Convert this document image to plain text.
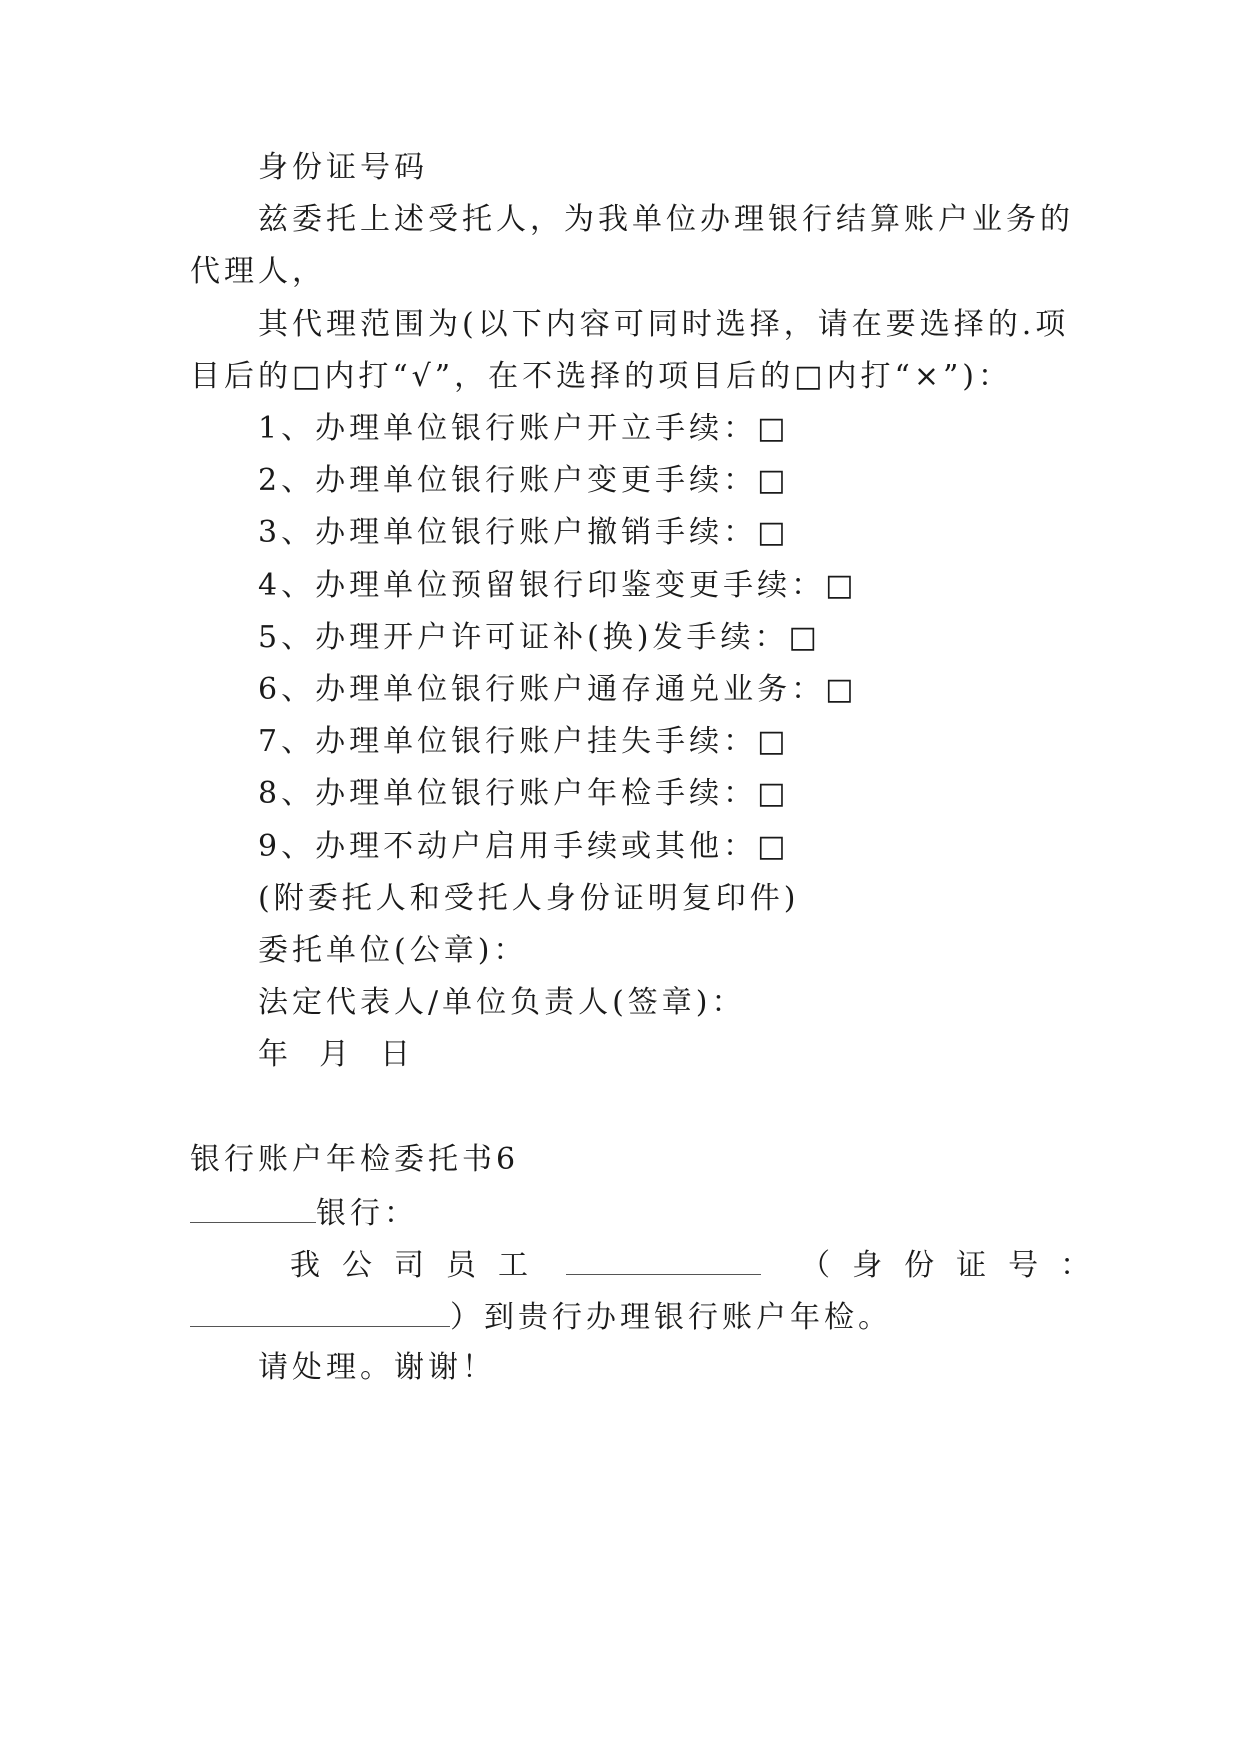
身份证号码
兹委托上述受托人，为我单位办理银行结算账户业务的
代理人，
其代理范围为(以下内容可同时选择，请在要选择的.项
目后的□内打“√”，在不选择的项目后的□内打“×”)：
1、办理单位银行账户开立手续：□
2、办理单位银行账户变更手续：□
3、办理单位银行账户撤销手续：□
4、办理单位预留银行印鉴变更手续：□
5、办理开户许可证补(换)发手续：□
6、办理单位银行账户通存通兑业务：□
7、办理单位银行账户挂失手续：□
8、办理单位银行账户年检手续：□
9、办理不动户启用手续或其他：□
(附委托人和受托人身份证明复印件)
委托单位(公章)：
法定代表人/单位负责人(签章)：
年  月  日
银行账户年检委托书6
银行：
我公司员工	（身份证号：
）到贵行办理银行账户年检。
请处理。谢谢！
